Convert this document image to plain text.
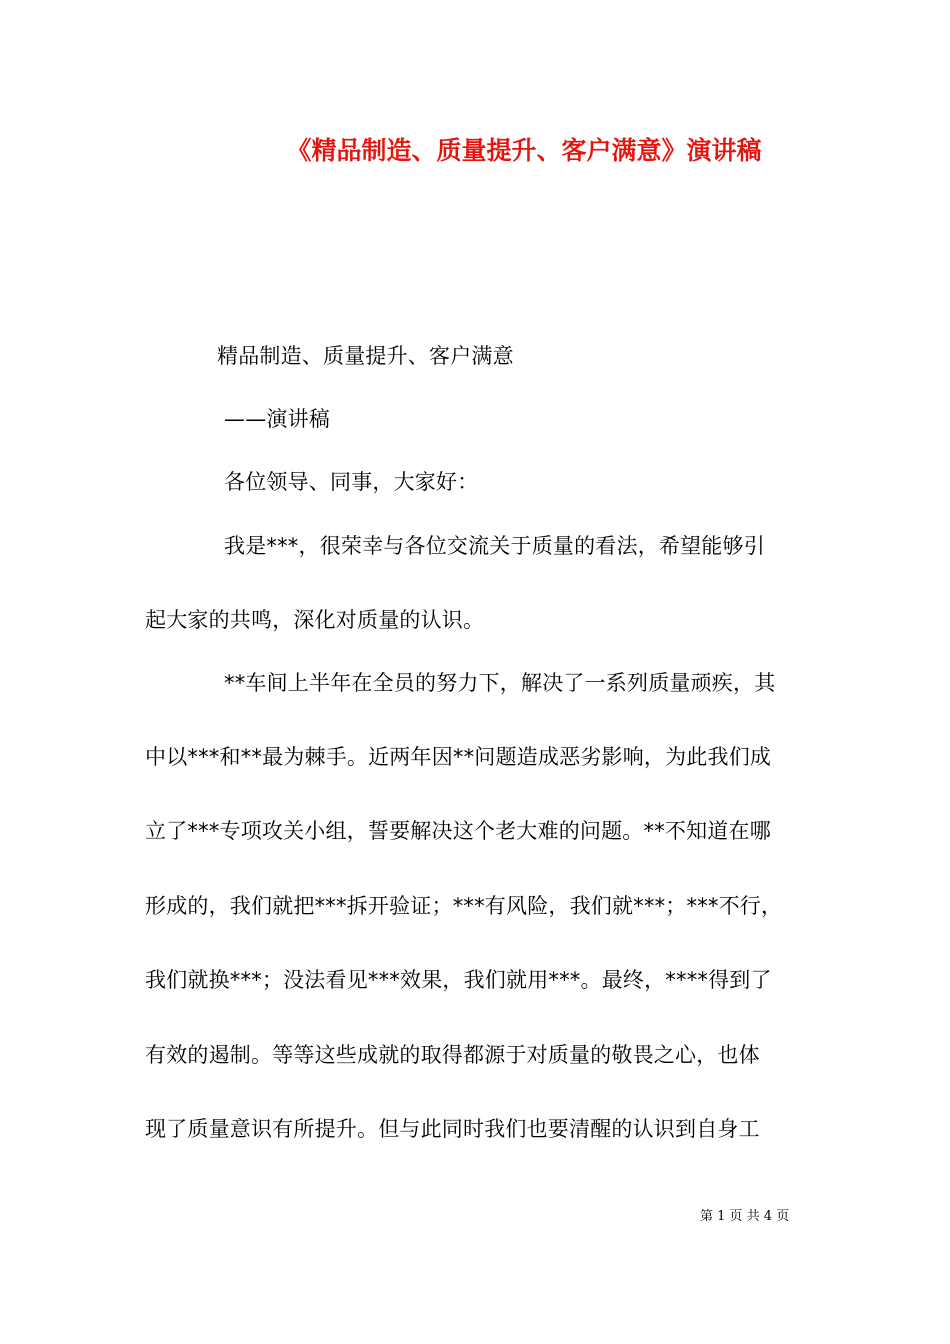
《精品制造、质量提升、客户满意》演讲稿
精品制造、质量提升、客户满意
——演讲稿
各位领导、同事，大家好：
我是***，很荣幸与各位交流关于质量的看法，希望能够引
起大家的共鸣，深化对质量的认识。
**车间上半年在全员的努力下，解决了一系列质量顽疾，其
中以***和**最为棘手。近两年因**问题造成恶劣影响，为此我们成
立了***专项攻关小组，誓要解决这个老大难的问题。**不知道在哪
形成的，我们就把***拆开验证；***有风险，我们就***；***不行，
我们就换***；没法看见***效果，我们就用***。最终，****得到了
有效的遏制。等等这些成就的取得都源于对质量的敬畏之心，也体
现了质量意识有所提升。但与此同时我们也要清醒的认识到自身工
第 1 页 共 4 页
